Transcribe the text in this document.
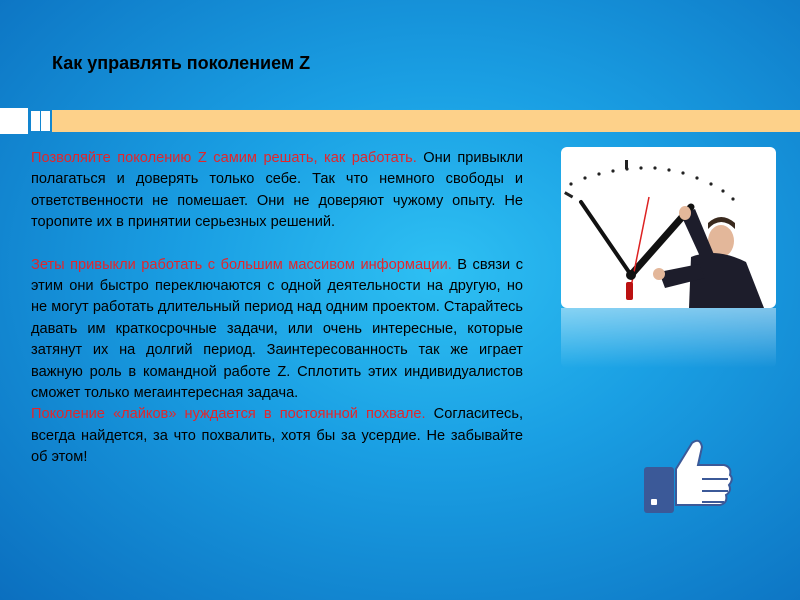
Как управлять поколением Z

Позволяйте поколению Z самим решать, как работать. Они привыкли полагаться и доверять только себе. Так что немного свободы и ответственности не помешает. Они не доверяют чужому опыту. Не торопите их в принятии серьезных решений.

Зеты привыкли работать с большим массивом информации. В связи с этим они быстро переключаются с одной деятельности на другую, но не могут работать длительный период над одним проектом. Старайтесь давать им краткосрочные задачи, или очень интересные, которые затянут их на долгий период. Заинтересованность так же играет важную роль в командной работе Z. Сплотить этих индивидуалистов сможет только мегаинтересная задача.

Поколение «лайков» нуждается в постоянной похвале. Согласитесь, всегда найдется, за что похвалить, хотя бы за усердие. Не забывайте об этом!
